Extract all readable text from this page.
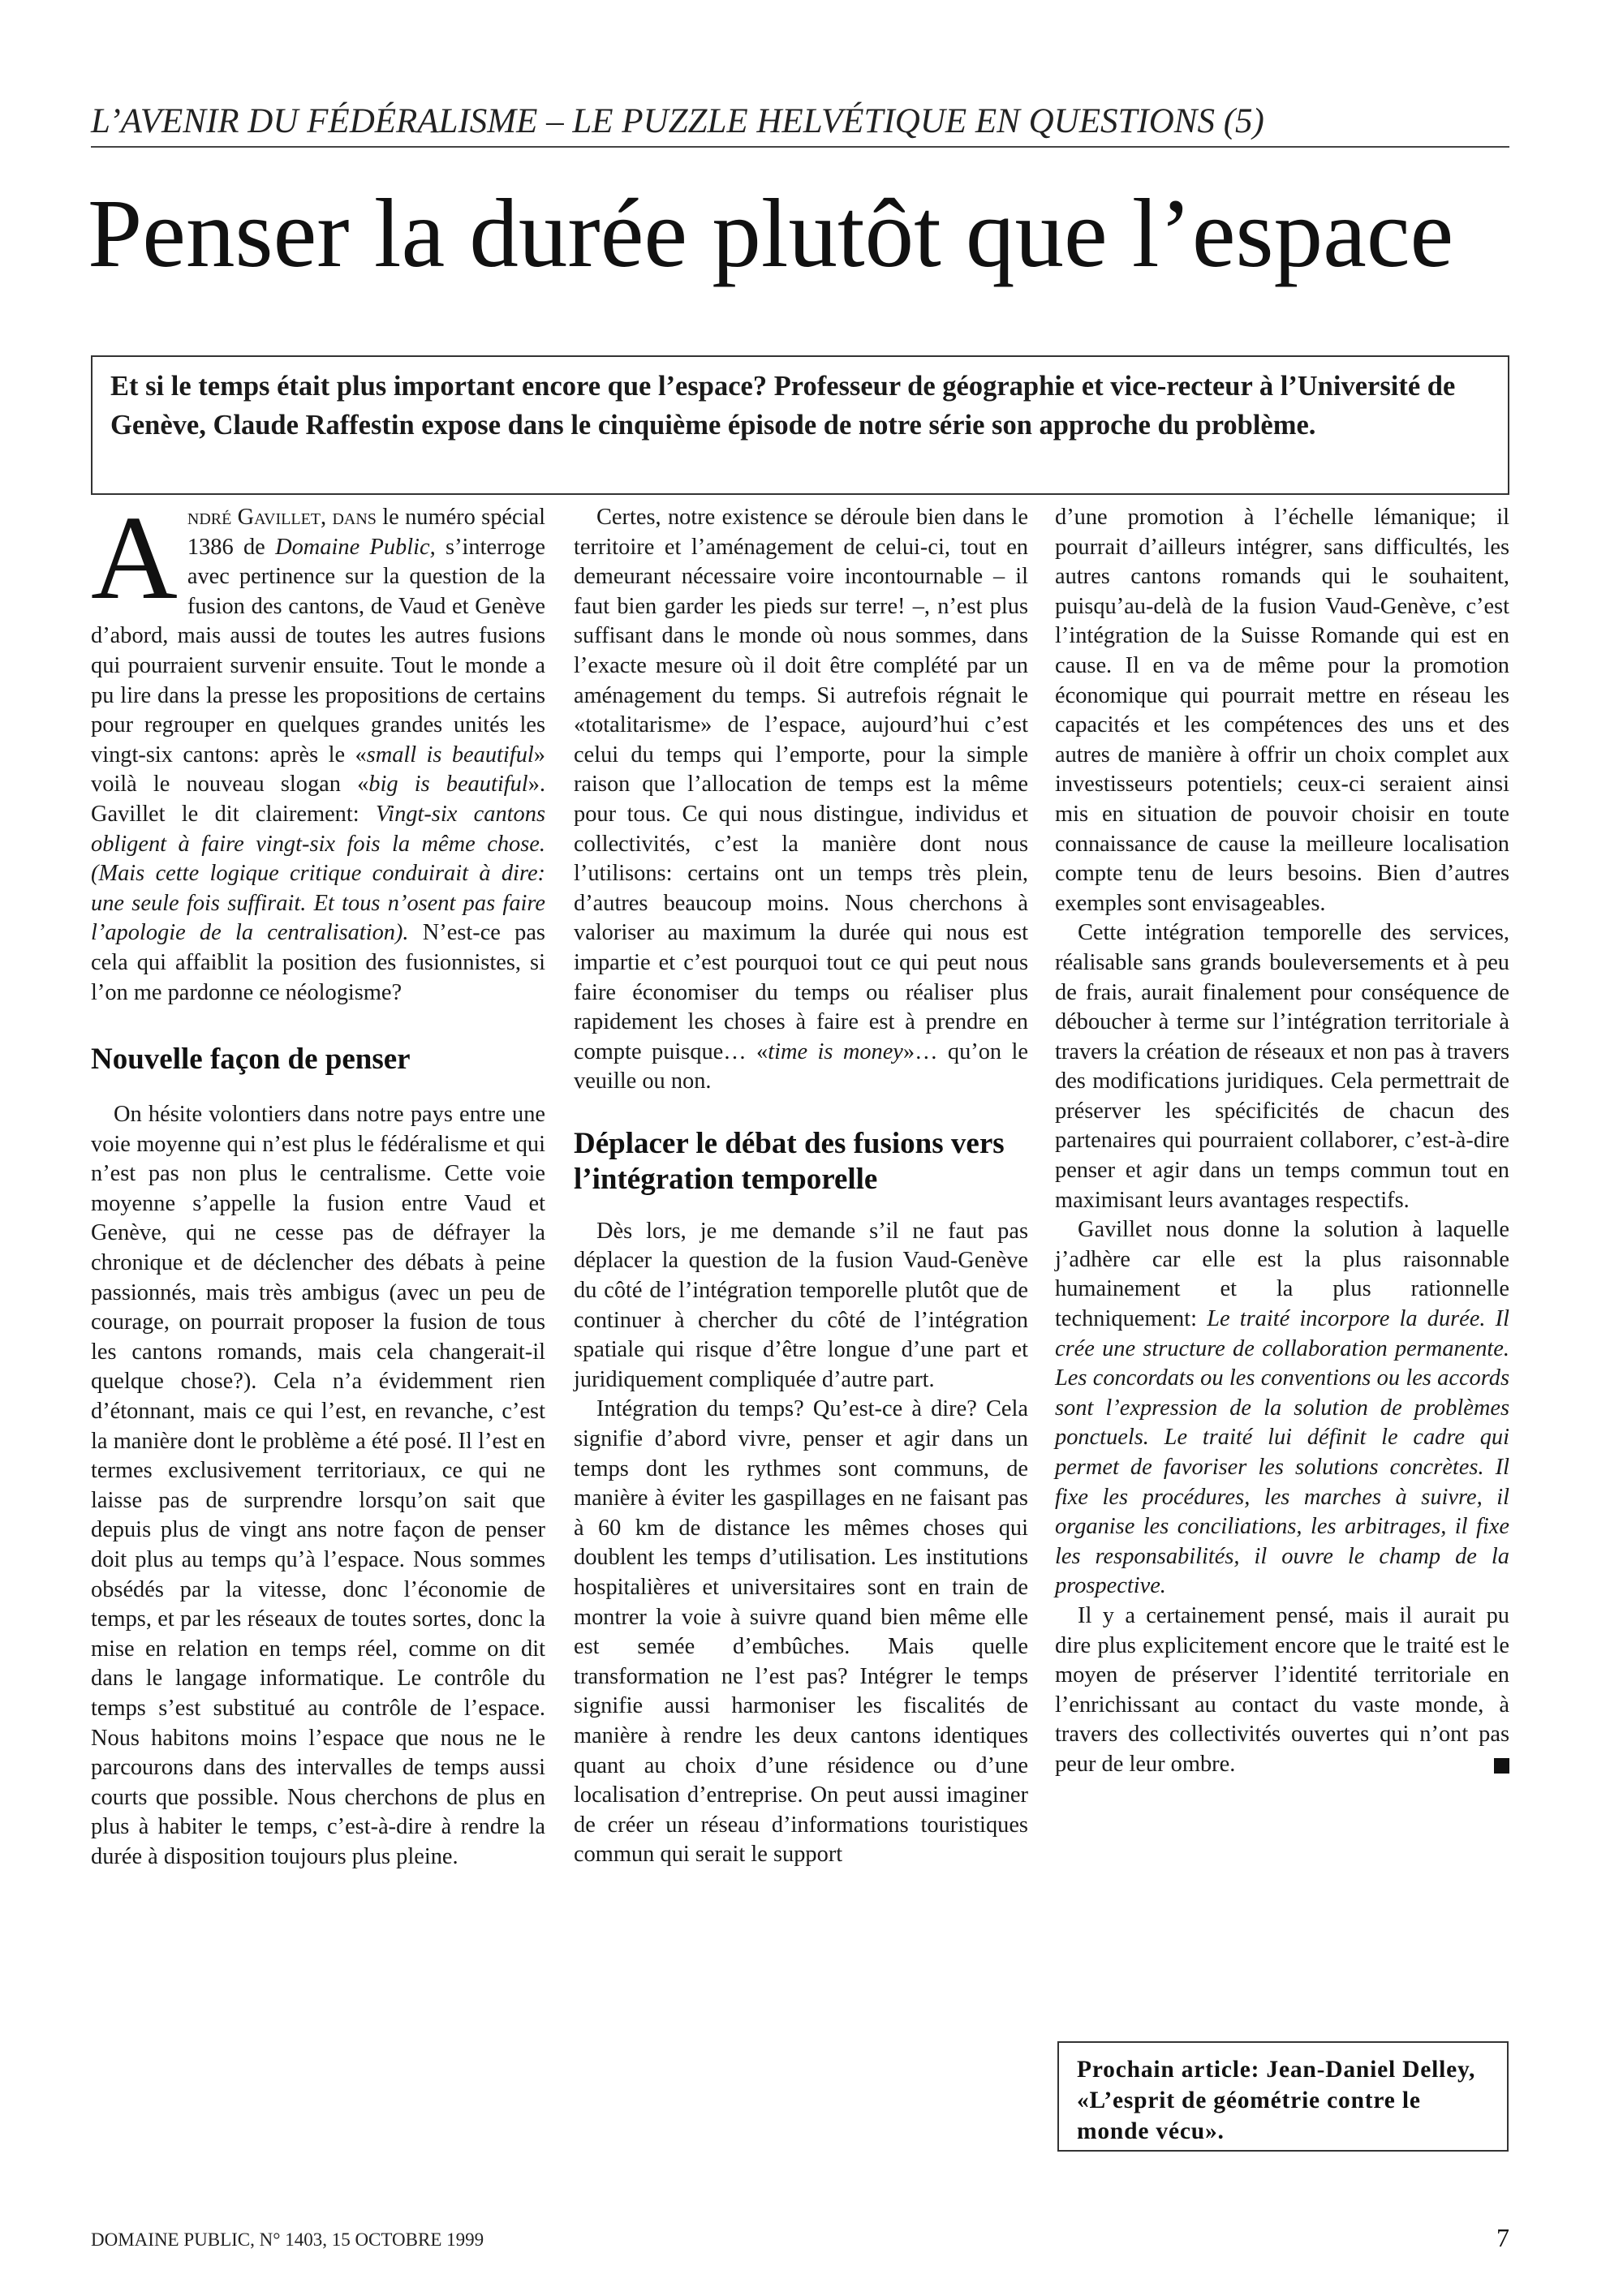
L’AVENIR DU FÉDÉRALISME – LE PUZZLE HELVÉTIQUE EN QUESTIONS (5)
Penser la durée plutôt que l’espace

Et si le temps était plus important encore que l’espace? Professeur de géographie et vice-recteur à l’Université de Genève, Claude Raffestin expose dans le cinquième épisode de notre série son approche du problème.

André Gavillet, dans le numéro spécial 1386 de Domaine Public, s’interroge avec pertinence sur la question de la fusion des cantons, de Vaud et Genève d’abord, mais aussi de toutes les autres fusions qui pourraient survenir ensuite. Tout le monde a pu lire dans la presse les propositions de certains pour regrouper en quelques grandes unités les vingt-six cantons: après le «small is beautiful» voilà le nouveau slogan «big is beautiful». Gavillet le dit clairement: Vingt-six cantons obligent à faire vingt-six fois la même chose. (Mais cette logique critique conduirait à dire: une seule fois suffirait. Et tous n’osent pas faire l’apologie de la centralisation). N’est-ce pas cela qui affaiblit la position des fusionnistes, si l’on me pardonne ce néologisme?

Nouvelle façon de penser

On hésite volontiers dans notre pays entre une voie moyenne qui n’est plus le fédéralisme et qui n’est pas non plus le centralisme. Cette voie moyenne s’appelle la fusion entre Vaud et Genève, qui ne cesse pas de défrayer la chronique et de déclencher des débats à peine passionnés, mais très ambigus (avec un peu de courage, on pourrait proposer la fusion de tous les cantons romands, mais cela changerait-il quelque chose?). Cela n’a évidemment rien d’étonnant, mais ce qui l’est, en revanche, c’est la manière dont le problème a été posé. Il l’est en termes exclusivement territoriaux, ce qui ne laisse pas de surprendre lorsqu’on sait que depuis plus de vingt ans notre façon de penser doit plus au temps qu’à l’espace. Nous sommes obsédés par la vitesse, donc l’économie de temps, et par les réseaux de toutes sortes, donc la mise en relation en temps réel, comme on dit dans le langage informatique. Le contrôle du temps s’est substitué au contrôle de l’espace. Nous habitons moins l’espace que nous ne le parcourons dans des intervalles de temps aussi courts que possible. Nous cherchons de plus en plus à habiter le temps, c’est-à-dire à rendre la durée à disposition toujours plus pleine.

Certes, notre existence se déroule bien dans le territoire et l’aménagement de celui-ci, tout en demeurant nécessaire voire incontournable – il faut bien garder les pieds sur terre! –, n’est plus suffisant dans le monde où nous sommes, dans l’exacte mesure où il doit être complété par un aménagement du temps. Si autrefois régnait le «totalitarisme» de l’espace, aujourd’hui c’est celui du temps qui l’emporte, pour la simple raison que l’allocation de temps est la même pour tous. Ce qui nous distingue, individus et collectivités, c’est la manière dont nous l’utilisons: certains ont un temps très plein, d’autres beaucoup moins. Nous cherchons à valoriser au maximum la durée qui nous est impartie et c’est pourquoi tout ce qui peut nous faire économiser du temps ou réaliser plus rapidement les choses à faire est à prendre en compte puisque… «time is money»… qu’on le veuille ou non.

Déplacer le débat des fusions vers l’intégration temporelle

Dès lors, je me demande s’il ne faut pas déplacer la question de la fusion Vaud-Genève du côté de l’intégration temporelle plutôt que de continuer à chercher du côté de l’intégration spatiale qui risque d’être longue d’une part et juridiquement compliquée d’autre part.

Intégration du temps? Qu’est-ce à dire? Cela signifie d’abord vivre, penser et agir dans un temps dont les rythmes sont communs, de manière à éviter les gaspillages en ne faisant pas à 60 km de distance les mêmes choses qui doublent les temps d’utilisation. Les institutions hospitalières et universitaires sont en train de montrer la voie à suivre quand bien même elle est semée d’embûches. Mais quelle transformation ne l’est pas? Intégrer le temps signifie aussi harmoniser les fiscalités de manière à rendre les deux cantons identiques quant au choix d’une résidence ou d’une localisation d’entreprise. On peut aussi imaginer de créer un réseau d’informations touristiques commun qui serait le support

d’une promotion à l’échelle lémanique; il pourrait d’ailleurs intégrer, sans difficultés, les autres cantons romands qui le souhaitent, puisqu’au-delà de la fusion Vaud-Genève, c’est l’intégration de la Suisse Romande qui est en cause. Il en va de même pour la promotion économique qui pourrait mettre en réseau les capacités et les compétences des uns et des autres de manière à offrir un choix complet aux investisseurs potentiels; ceux-ci seraient ainsi mis en situation de pouvoir choisir en toute connaissance de cause la meilleure localisation compte tenu de leurs besoins. Bien d’autres exemples sont envisageables.

Cette intégration temporelle des services, réalisable sans grands bouleversements et à peu de frais, aurait finalement pour conséquence de déboucher à terme sur l’intégration territoriale à travers la création de réseaux et non pas à travers des modifications juridiques. Cela permettrait de préserver les spécificités de chacun des partenaires qui pourraient collaborer, c’est-à-dire penser et agir dans un temps commun tout en maximisant leurs avantages respectifs.

Gavillet nous donne la solution à laquelle j’adhère car elle est la plus raisonnable humainement et la plus rationnelle techniquement: Le traité incorpore la durée. Il crée une structure de collaboration permanente. Les concordats ou les conventions ou les accords sont l’expression de la solution de problèmes ponctuels. Le traité lui définit le cadre qui permet de favoriser les solutions concrètes. Il fixe les procédures, les marches à suivre, il organise les conciliations, les arbitrages, il fixe les responsabilités, il ouvre le champ de la prospective.

Il y a certainement pensé, mais il aurait pu dire plus explicitement encore que le traité est le moyen de préserver l’identité territoriale en l’enrichissant au contact du vaste monde, à travers des collectivités ouvertes qui n’ont pas peur de leur ombre.

Prochain article: Jean-Daniel Delley, «L’esprit de géométrie contre le monde vécu».
DOMAINE PUBLIC, N° 1403, 15 OCTOBRE 1999	7
